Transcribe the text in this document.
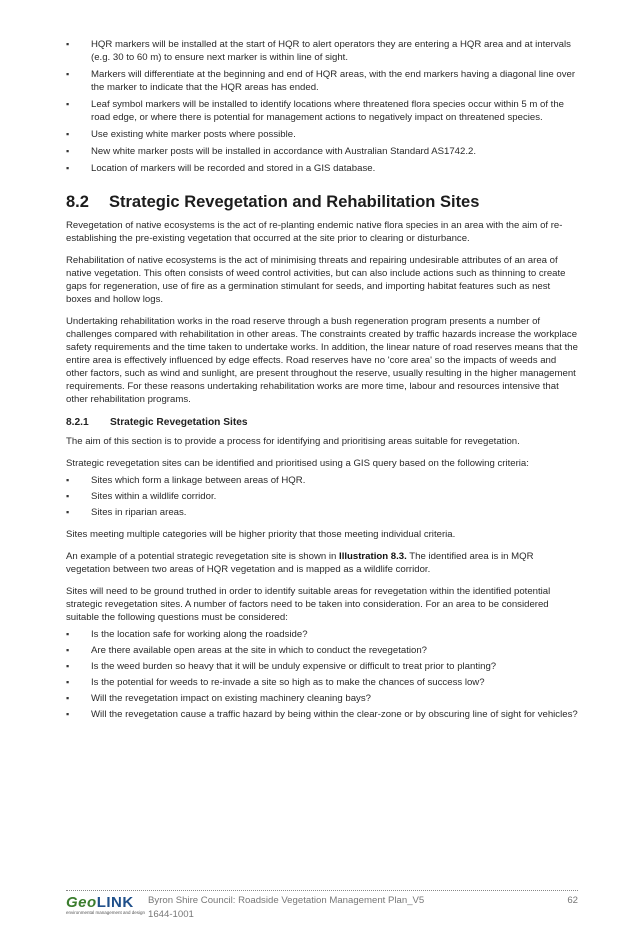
▪ HQR markers will be installed at the start of HQR to alert operators they are entering a HQR area and at intervals (e.g. 30 to 60 m) to ensure next marker is within line of sight.
▪ Markers will differentiate at the beginning and end of HQR areas, with the end markers having a diagonal line over the marker to indicate that the HQR areas has ended.
▪ Leaf symbol markers will be installed to identify locations where threatened flora species occur within 5 m of the road edge, or where there is potential for management actions to negatively impact on threatened species.
▪ Use existing white marker posts where possible.
▪ New white marker posts will be installed in accordance with Australian Standard AS1742.2.
▪ Location of markers will be recorded and stored in a GIS database.
8.2 Strategic Revegetation and Rehabilitation Sites

Revegetation of native ecosystems is the act of re-planting endemic native flora species in an area with the aim of re-establishing the pre-existing vegetation that occurred at the site prior to clearing or disturbance.

Rehabilitation of native ecosystems is the act of minimising threats and repairing undesirable attributes of an area of native vegetation. This often consists of weed control activities, but can also include actions such as thinning to create gaps for regeneration, use of fire as a germination stimulant for seeds, and importing habitat features such as nest boxes and hollow logs.

Undertaking rehabilitation works in the road reserve through a bush regeneration program presents a number of challenges compared with rehabilitation in other areas. The constraints created by traffic hazards increase the workplace safety requirements and the time taken to undertake works. In addition, the linear nature of road reserves means that the entire area is effectively influenced by edge effects. Road reserves have no 'core area' so the impacts of weeds and other factors, such as wind and sunlight, are present throughout the reserve, usually resulting in the higher management requirements. For these reasons undertaking rehabilitation works are more time, labour and resources intensive that other rehabilitation programs.

8.2.1 Strategic Revegetation Sites

The aim of this section is to provide a process for identifying and prioritising areas suitable for revegetation.

Strategic revegetation sites can be identified and prioritised using a GIS query based on the following criteria:

▪ Sites which form a linkage between areas of HQR.
▪ Sites within a wildlife corridor.
▪ Sites in riparian areas.

Sites meeting multiple categories will be higher priority that those meeting individual criteria.

An example of a potential strategic revegetation site is shown in Illustration 8.3. The identified area is in MQR vegetation between two areas of HQR vegetation and is mapped as a wildlife corridor.

Sites will need to be ground truthed in order to identify suitable areas for revegetation within the identified potential strategic revegetation sites. A number of factors need to be taken into consideration. For an area to be considered suitable the following questions must be considered:

▪ Is the location safe for working along the roadside?
▪ Are there available open areas at the site in which to conduct the revegetation?
▪ Is the weed burden so heavy that it will be unduly expensive or difficult to treat prior to planting?
▪ Is the potential for weeds to re-invade a site so high as to make the chances of success low?
▪ Will the revegetation impact on existing machinery cleaning bays?
▪ Will the revegetation cause a traffic hazard by being within the clear-zone or by obscuring line of sight for vehicles?
GeoLINK
environmental management and design
Byron Shire Council: Roadside Vegetation Management Plan_V5
1644-1001
62
